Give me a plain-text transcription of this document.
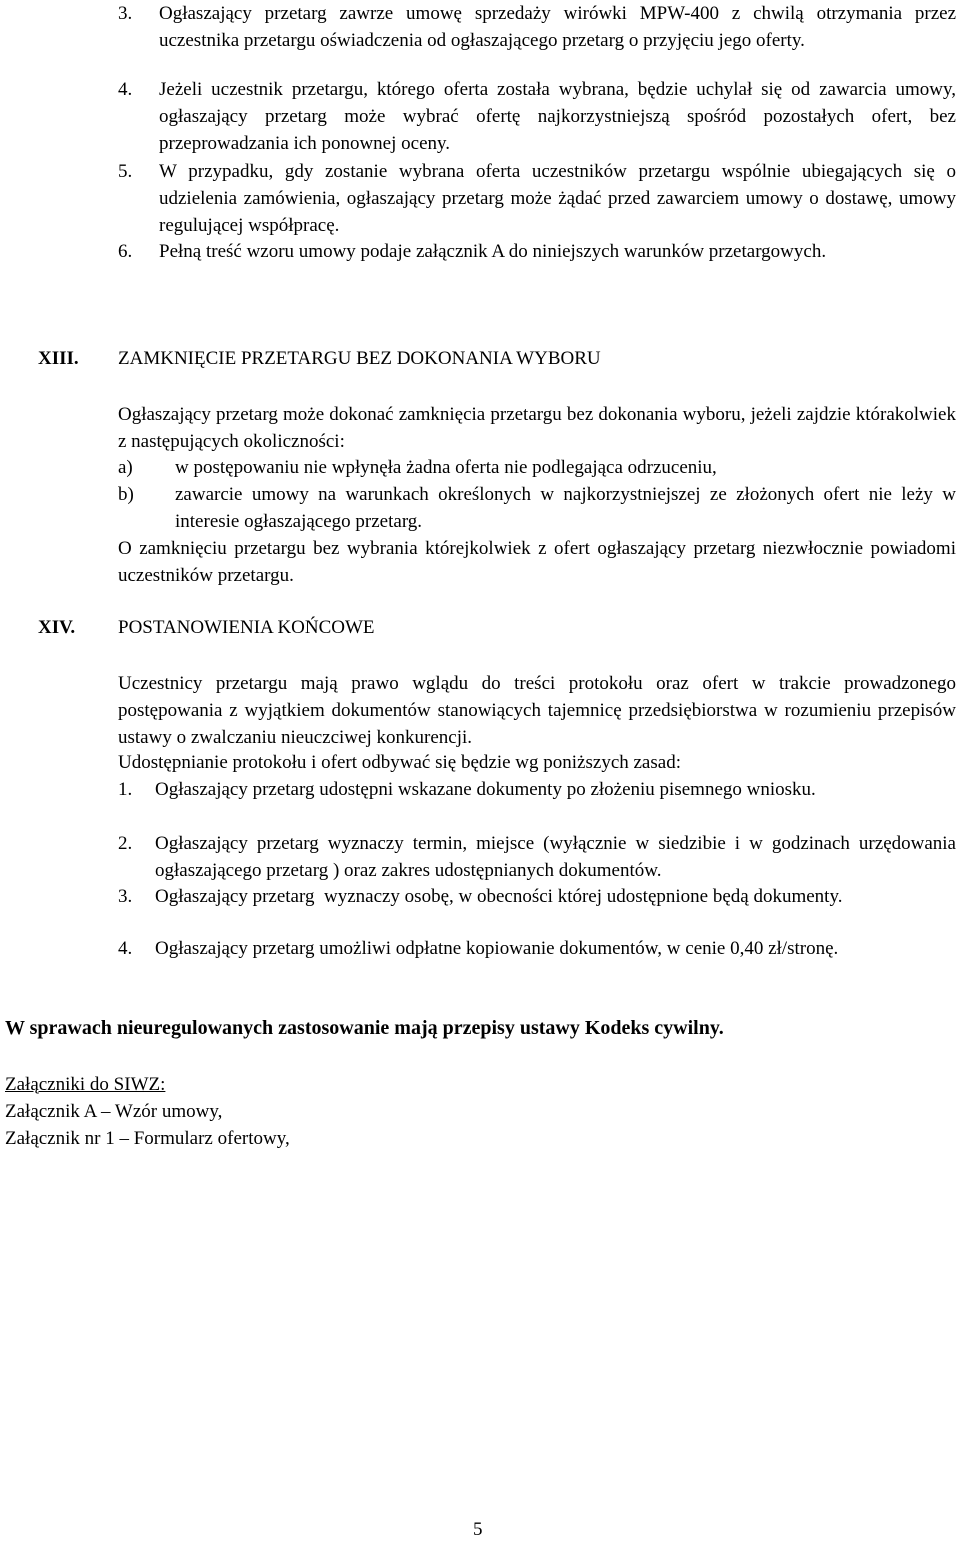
3. Ogłaszający przetarg zawrze umowę sprzedaży wirówki MPW-400 z chwilą otrzymania przez uczestnika przetargu oświadczenia od ogłaszającego przetarg o przyjęciu jego oferty.
4. Jeżeli uczestnik przetargu, którego oferta została wybrana, będzie uchylał się od zawarcia umowy, ogłaszający przetarg może wybrać ofertę najkorzystniejszą spośród pozostałych ofert, bez przeprowadzania ich ponownej oceny.
5. W przypadku, gdy zostanie wybrana oferta uczestników przetargu wspólnie ubiegających się o udzielenia zamówienia, ogłaszający przetarg może żądać przed zawarciem umowy o dostawę, umowy regulującej współpracę.
6. Pełną treść wzoru umowy podaje załącznik A do niniejszych warunków przetargowych.
XIII. ZAMKNIĘCIE PRZETARGU BEZ DOKONANIA WYBORU
Ogłaszający przetarg może dokonać zamknięcia przetargu bez dokonania wyboru, jeżeli zajdzie którakolwiek z następujących okoliczności:
a) w postępowaniu nie wpłynęła żadna oferta nie podlegająca odrzuceniu,
b) zawarcie umowy na warunkach określonych w najkorzystniejszej ze złożonych ofert nie leży w interesie ogłaszającego przetarg.
O zamknięciu przetargu bez wybrania którejkolwiek z ofert ogłaszający przetarg niezwłocznie powiadomi uczestników przetargu.
XIV. POSTANOWIENIA KOŃCOWE
Uczestnicy przetargu mają prawo wglądu do treści protokołu oraz ofert w trakcie prowadzonego postępowania z wyjątkiem dokumentów stanowiących tajemnicę przedsiębiorstwa w rozumieniu przepisów ustawy o zwalczaniu nieuczciwej konkurencji.
Udostępnianie protokołu i ofert odbywać się będzie wg poniższych zasad:
1. Ogłaszający przetarg udostępni wskazane dokumenty po złożeniu pisemnego wniosku.
2. Ogłaszający przetarg wyznaczy termin, miejsce (wyłącznie w siedzibie i w godzinach urzędowania ogłaszającego przetarg ) oraz zakres udostępnianych dokumentów.
3. Ogłaszający przetarg  wyznaczy osobę, w obecności której udostępnione będą dokumenty.
4. Ogłaszający przetarg umożliwi odpłatne kopiowanie dokumentów, w cenie 0,40 zł/stronę.
W sprawach nieuregulowanych zastosowanie mają przepisy ustawy Kodeks cywilny.
Załączniki do SIWZ:
Załącznik A – Wzór umowy,
Załącznik nr 1 – Formularz ofertowy,
5
